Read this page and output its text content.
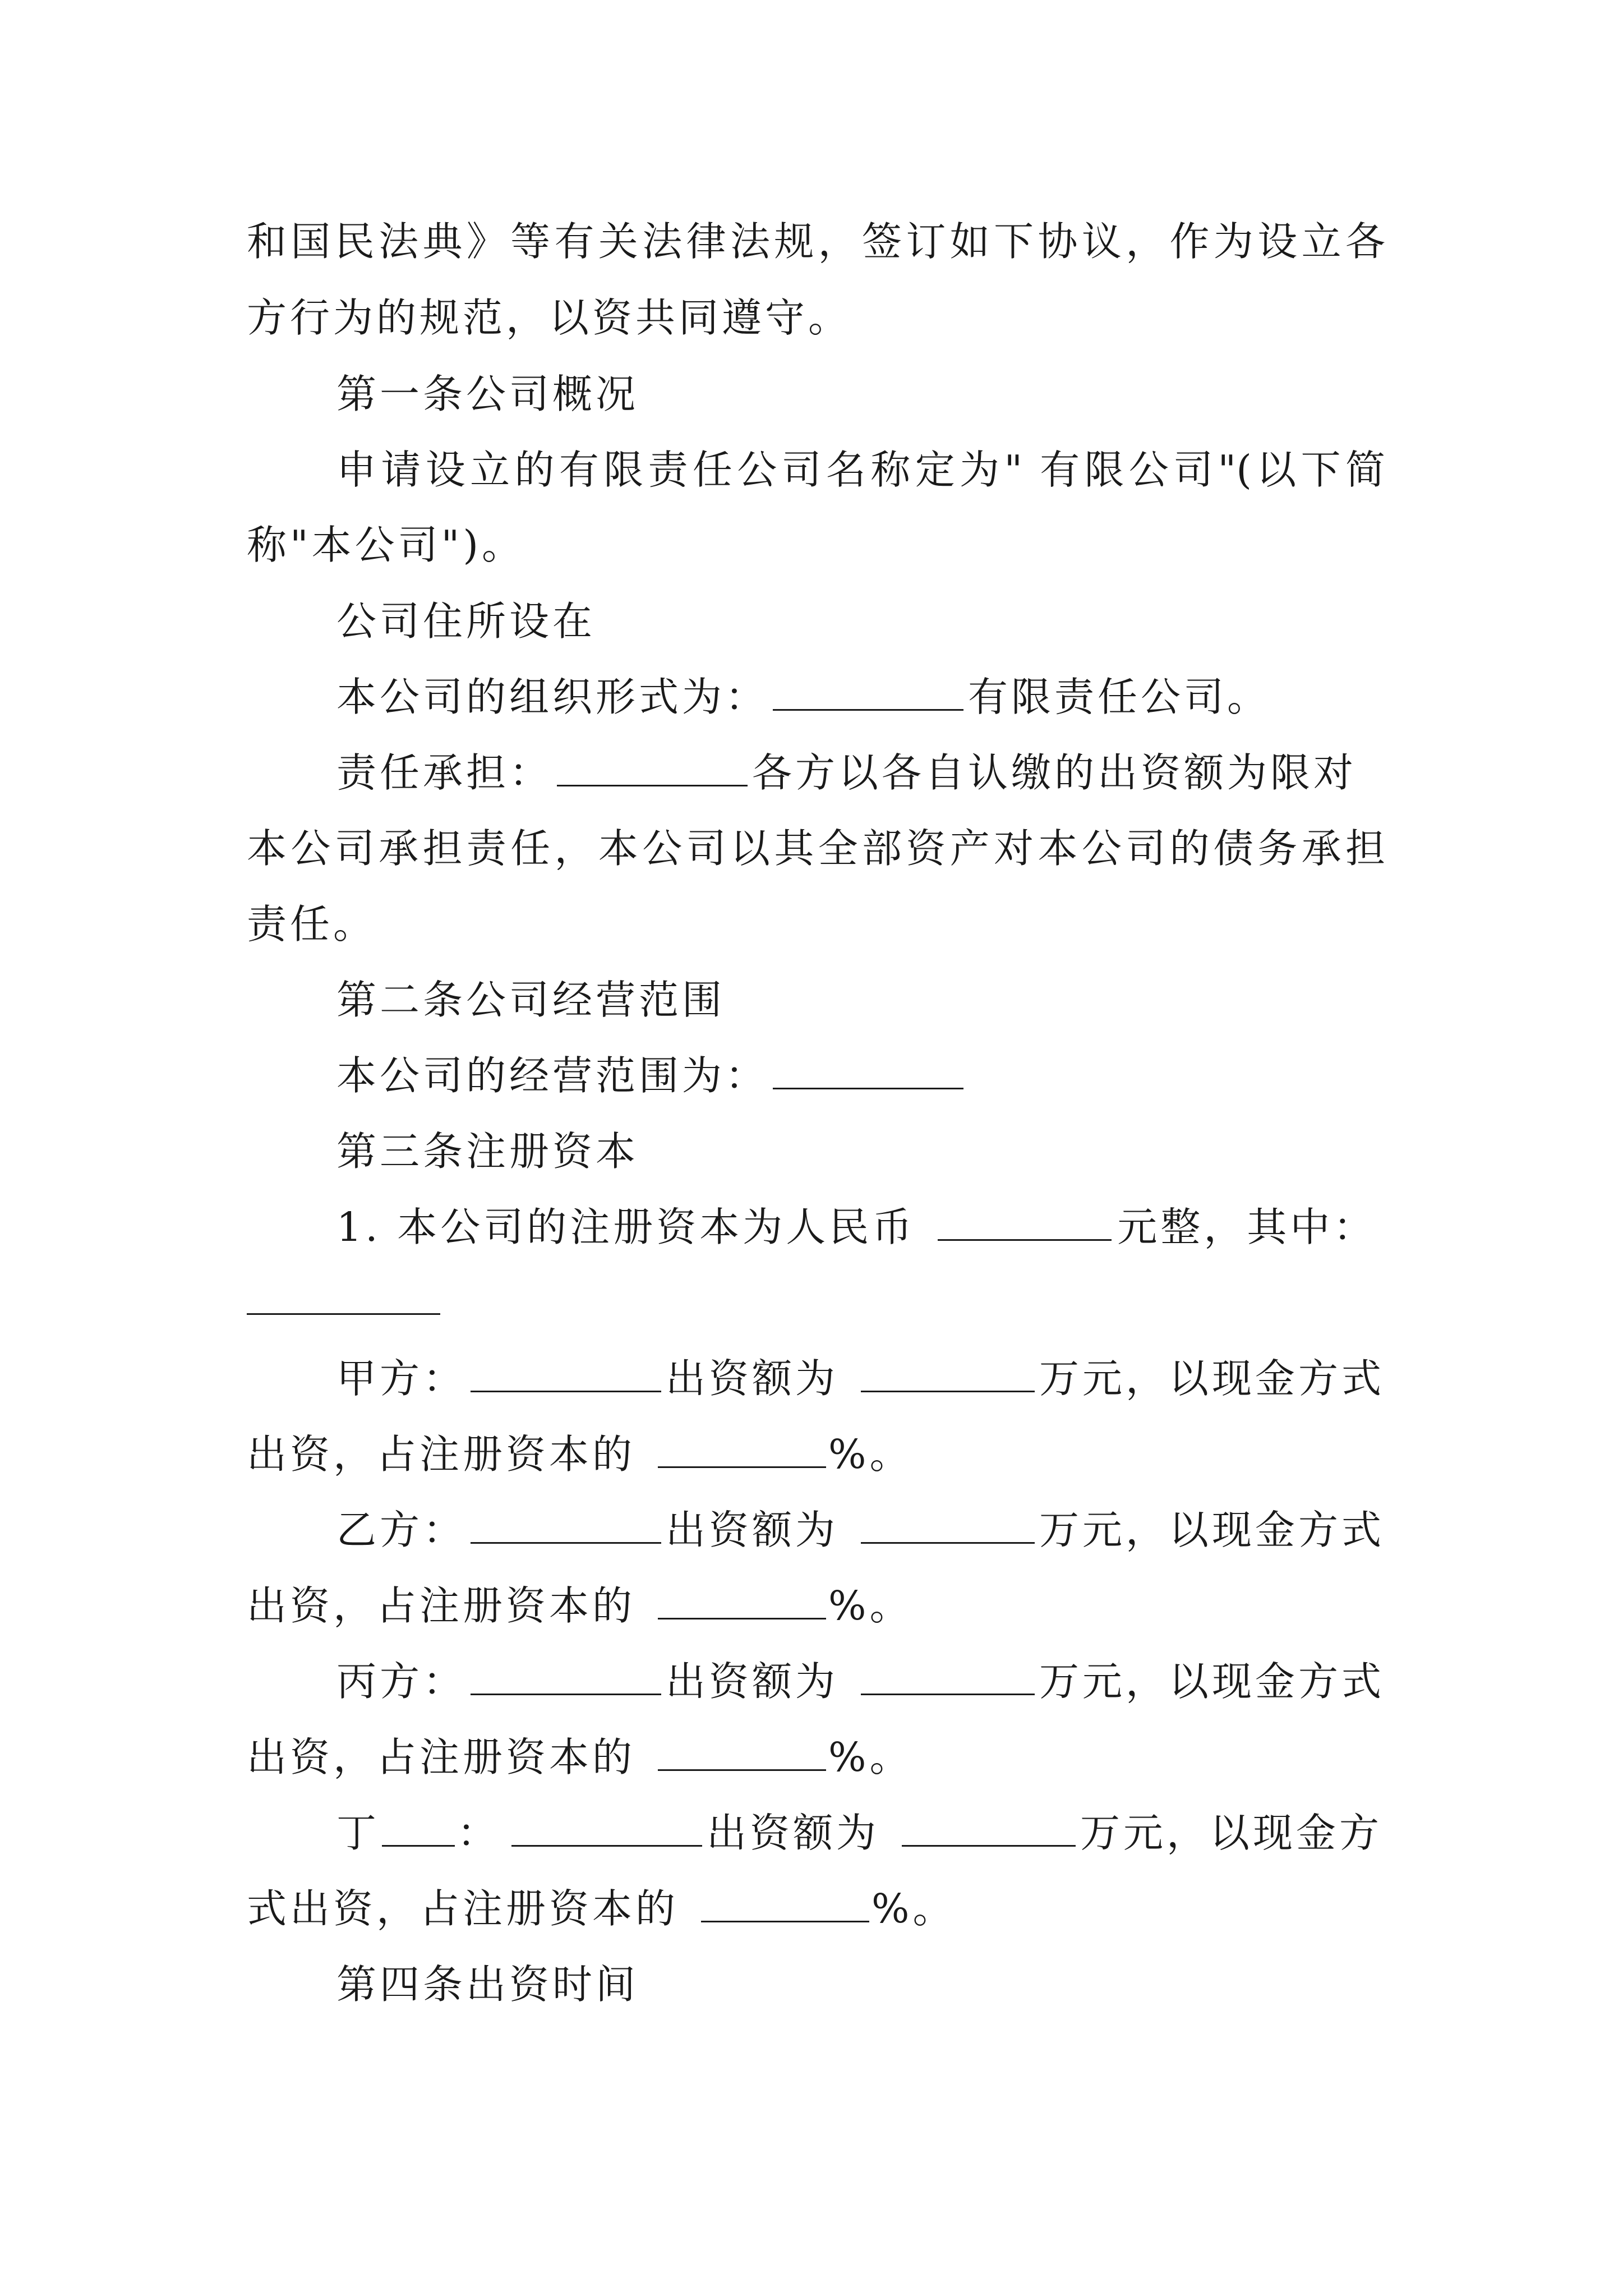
和国民法典》等有关法律法规，签订如下协议，作为设立各
方行为的规范，以资共同遵守。
第一条公司概况
申请设立的有限责任公司名称定为" 有限公司"(以下简
称"本公司")。
公司住所设在
本公司的组织形式为：	有限责任公司。
责任承担：	各方以各自认缴的出资额为限对
本公司承担责任，本公司以其全部资产对本公司的债务承担
责任。
第二条公司经营范围
本公司的经营范围为：
第三条注册资本
1. 本公司的注册资本为人民币	元整，其中：
甲方：	出资额为	万元，以现金方式
出资，占注册资本的	%。
乙方：	出资额为	万元，以现金方式
出资，占注册资本的	%。
丙方：	出资额为	万元，以现金方式
出资，占注册资本的	%。
丁 ：	出资额为	万元，以现金方
式出资，占注册资本的	%。
第四条出资时间
